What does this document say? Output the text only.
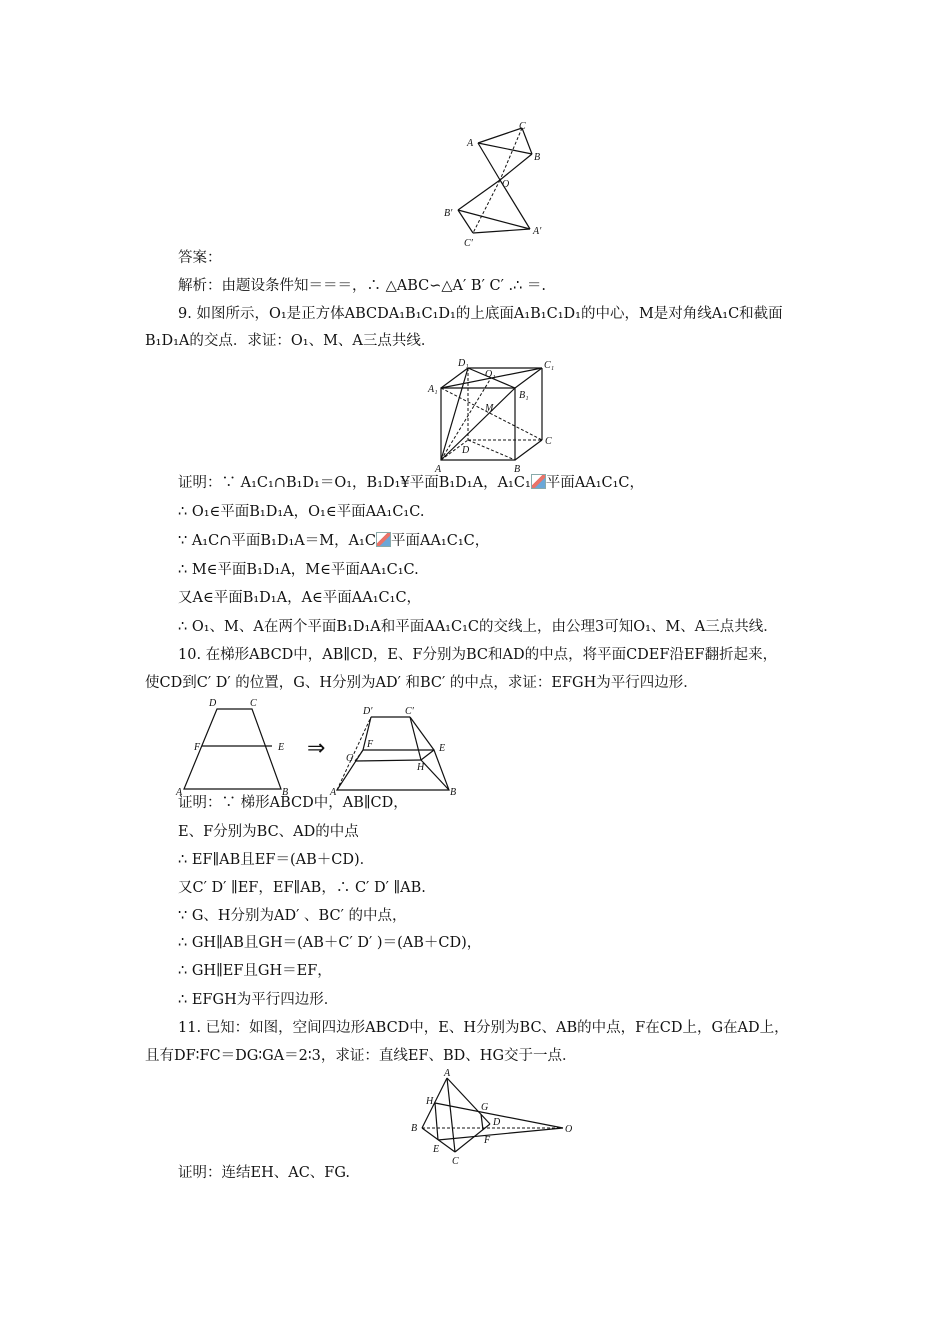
A
C
B
O
B′
A′
C′
答案：
解析：由题设条件知＝＝＝，∴ △ABC∽△A′ B′ C′ .∴ ＝.
9. 如图所示，O₁是正方体ABCDA₁B₁C₁D₁的上底面A₁B₁C₁D₁的中心，M是对角线A₁C和截面
B₁D₁A的交点．求证：O₁、M、A三点共线．
D₁
O₁
C₁
A₁
B₁
M
D
C
A	B
证明：∵ A₁C₁∩B₁D₁＝O₁，B₁D₁¥平面B₁D₁A，A₁C₁ 平面AA₁C₁C，
∴ O₁∈平面B₁D₁A，O₁∈平面AA₁C₁C.
∵ A₁C∩平面B₁D₁A＝M，A₁C 平面AA₁C₁C，
∴ M∈平面B₁D₁A，M∈平面AA₁C₁C.
又A∈平面B₁D₁A，A∈平面AA₁C₁C，
∴ O₁、M、A在两个平面B₁D₁A和平面AA₁C₁C的交线上，由公理3可知O₁、M、A三点共线．
10. 在梯形ABCD中，AB∥CD，E、F分别为BC和AD的中点，将平面CDEF沿EF翻折起来，
使CD到C′ D′ 的位置，G、H分别为AD′ 和BC′ 的中点，求证：EFGH为平行四边形．
D	C
F	E
A	B
⇒
D′	C′
F	E
G
H
A	B
证明：∵ 梯形ABCD中，AB∥CD，
E、F分别为BC、AD的中点
∴ EF∥AB且EF＝(AB＋CD)．
又C′ D′ ∥EF，EF∥AB，∴ C′ D′ ∥AB.
∵ G、H分别为AD′ 、BC′ 的中点，
∴ GH∥AB且GH＝(AB＋C′ D′ )＝(AB＋CD)，
∴ GH∥EF且GH＝EF，
∴ EFGH为平行四边形．
11. 已知：如图，空间四边形ABCD中，E、H分别为BC、AB的中点，F在CD上，G在AD上，
且有DF∶FC＝DG∶GA＝2∶3，求证：直线EF、BD、HG交于一点．
A
H
G
B
D
O
E
F
C
证明：连结EH、AC、FG.
